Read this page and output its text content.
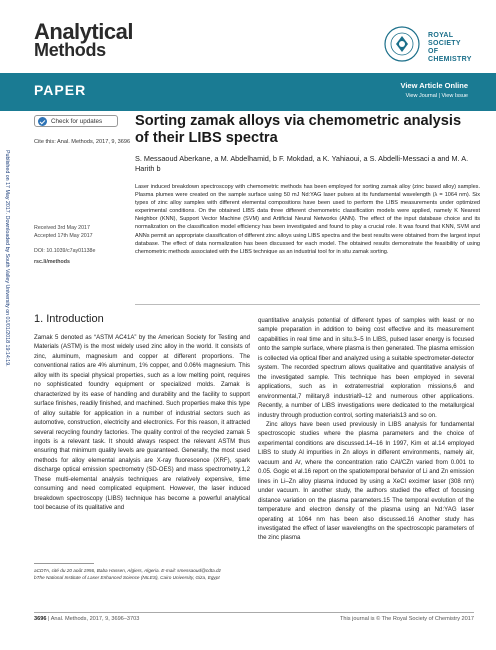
Analytical
Methods
ROYAL SOCIETY
OF CHEMISTRY
PAPER	View Article Online
View Journal | View Issue
Check for updates
Cite this: Anal. Methods, 2017, 9, 3696
Sorting zamak alloys via chemometric analysis of their LIBS spectra
S. Messaoud Aberkane, a M. Abdelhamid, b F. Mokdad, a K. Yahiaoui, a S. Abdelli-Messaci a and M. A. Harith b
Laser induced breakdown spectroscopy with chemometric methods has been employed for sorting zamak alloy (zinc based alloy) samples. Plasma plumes were created on the sample surface using 50 mJ Nd:YAG laser pulses at its fundamental wavelength (λ = 1064 nm). Six types of zinc alloy samples with different elemental compositions have been used to perform the LIBS measurements under optimized experimental conditions. On the obtained LIBS data three different chemometric classification models were applied, namely K Nearest Neighbor (KNN), Support Vector Machine (SVM) and Artificial Neural Networks (ANN). The effect of the input database choice and its normalization on the classification model efficiency has been investigated and found to play a crucial role. It was found that KNN, SVM and ANNs permit an appropriate classification of different zinc alloys using LIBS spectra and the best results were obtained from the largest input database. The effect of data normalization has been discussed for each model. The obtained results demonstrate the feasibility of using chemometric methods associated with the LIBS technique as an industrial tool for in situ zamak sorting.
Received 3rd May 2017
Accepted 17th May 2017
DOI: 10.1039/c7ay01138e
rsc.li/methods
Published on 17 May 2017. Downloaded by South Valley University on 01/01/2018 19:14:19. 1. Introduction

Zamak 5 denoted as “ASTM AC41A” by the American Society for Testing and Materials (ASTM) is the most widely used zinc alloy in the world. It consists of zinc, aluminum, magnesium and copper at different proportions. The conventional ratios are 4% aluminum, 1% copper, and 0.06% magnesium. This alloy with its special physical properties, such as a low melting point, requires no sophisticated foundry equipment or specialized molds. Zamak is characterized by its ease of handling and durability and the facility to support surface finishes, readily finished, and machined. Such properties make this type of alloy suitable for application in a number of industrial sectors such as automotive, construction, electricity and electronics. For this reason, it attracted several recycling foundry factories. The quality control of the recycled zamak 5 ingots is a relevant task. It should always respect the relevant ASTM thus ensuring that minimum quality levels are guaranteed. Generally, the most used methods for alloy elemental analysis are X-ray fluorescence (XRF), spark discharge optical emission spectrometry (SD-OES) and mass spectrometry.1,2 These multi-elemental analysis techniques are relatively expensive, time consuming and need complicated equipment. However, the laser induced breakdown spectroscopy (LIBS) technique has become a powerful analytical tool because of its qualitative and

quantitative analysis potential of different types of samples with least or no sample preparation in addition to being cost effective and its measurement capabilities in real time and in situ.3–5 In LIBS, pulsed laser energy is focused onto the sample surface, where plasma is then generated. The plasma emission is collected via optical fiber and analyzed using a suitable spectrometer-detector system. The recorded spectrum allows qualitative and quantitative analysis of the investigated sample. This technique has been employed in several applications, such as in extraterrestrial exploration missions,6 and environmental,7 military,8 industrial9–12 and numerous other applications. Recently, a number of LIBS investigations were dedicated to the metallurgical industry through production control, sorting materials13 and so on.

Zinc alloys have been used previously in LIBS analysis for fundamental spectroscopic studies where the plasma parameters and the choice of experimental conditions are discussed.14–16 In 1997, Kim et al.14 employed LIBS to study Al impurities in Zn alloys in different environments, namely air, vacuum and Ar, where the concentration ratio CAl/CZn varied from 0.001 to 0.05. Gogic et al.16 report on the spatiotemporal behavior of Li and Zn emission lines in Li–Zn alloy plasma induced by using a XeCl excimer laser (308 nm) under vacuum. In another study, the authors studied the effect of focusing distance variation on the plasma parameters.15 The temporal evolution of the temperature and electron density of the plasma using an Nd:YAG laser operating at 1064 nm has been also discussed.16 Another study has investigated the effect of laser wavelengths on the spectroscopic parameters of the zinc plasma

aCDTA, cité du 20 août 1956, Baba Hassen, Algiers, Algeria. E-mail: smessaoud@cdta.dz
bThe National Institute of Laser Enhanced Science (NILES), Cairo University, Giza, Egypt
3696 | Anal. Methods, 2017, 9, 3696–3703	This journal is © The Royal Society of Chemistry 2017
